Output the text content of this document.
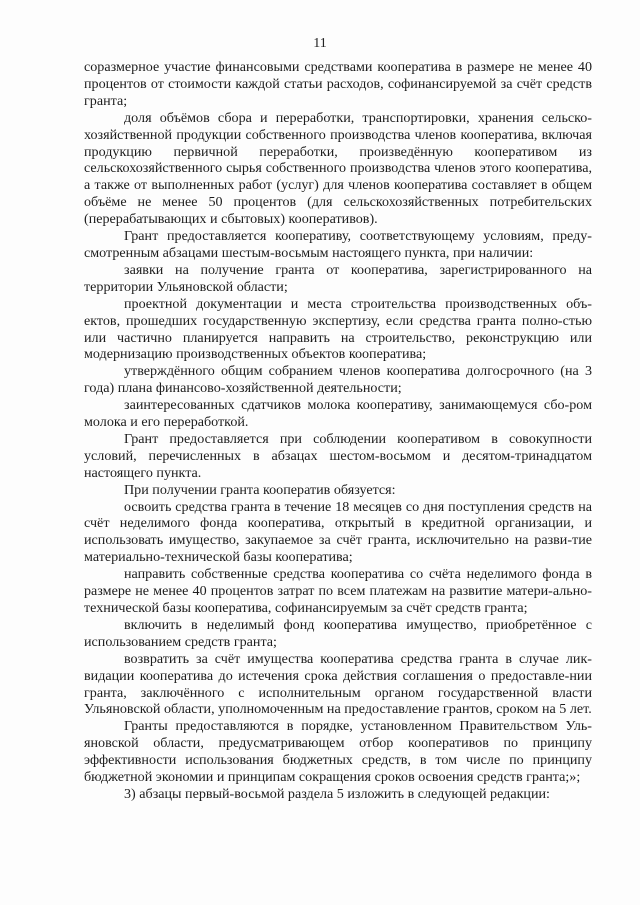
11

соразмерное участие финансовыми средствами кооператива в размере не менее 40 процентов от стоимости каждой статьи расходов, софинансируемой за счёт средств гранта;

доля объёмов сбора и переработки, транспортировки, хранения сельско-хозяйственной продукции собственного производства членов кооператива, включая продукцию первичной переработки, произведённую кооперативом из сельскохозяйственного сырья собственного производства членов этого кооператива, а также от выполненных работ (услуг) для членов кооператива составляет в общем объёме не менее 50 процентов (для сельскохозяйственных потребительских (перерабатывающих и сбытовых) кооперативов).

Грант предоставляется кооперативу, соответствующему условиям, преду-смотренным абзацами шестым-восьмым настоящего пункта, при наличии:

заявки на получение гранта от кооператива, зарегистрированного на территории Ульяновской области;

проектной документации и места строительства производственных объ-ектов, прошедших государственную экспертизу, если средства гранта полно-стью или частично планируется направить на строительство, реконструкцию или модернизацию производственных объектов кооператива;

утверждённого общим собранием членов кооператива долгосрочного (на 3 года) плана финансово-хозяйственной деятельности;

заинтересованных сдатчиков молока кооперативу, занимающемуся сбо-ром молока и его переработкой.

Грант предоставляется при соблюдении кооперативом в совокупности условий, перечисленных в абзацах шестом-восьмом и десятом-тринадцатом настоящего пункта.

При получении гранта кооператив обязуется:

освоить средства гранта в течение 18 месяцев со дня поступления средств на счёт неделимого фонда кооператива, открытый в кредитной организации, и использовать имущество, закупаемое за счёт гранта, исключительно на разви-тие материально-технической базы кооператива;

направить собственные средства кооператива со счёта неделимого фонда в размере не менее 40 процентов затрат по всем платежам на развитие матери-ально-технической базы кооператива, софинансируемым за счёт средств гранта;

включить в неделимый фонд кооператива имущество, приобретённое с использованием средств гранта;

возвратить за счёт имущества кооператива средства гранта в случае лик-видации кооператива до истечения срока действия соглашения о предоставле-нии гранта, заключённого с исполнительным органом государственной власти Ульяновской области, уполномоченным на предоставление грантов, сроком на 5 лет.

Гранты предоставляются в порядке, установленном Правительством Уль-яновской области, предусматривающем отбор кооперативов по принципу эффективности использования бюджетных средств, в том числе по принципу бюджетной экономии и принципам сокращения сроков освоения средств гранта;»;

3) абзацы первый-восьмой раздела 5 изложить в следующей редакции:
